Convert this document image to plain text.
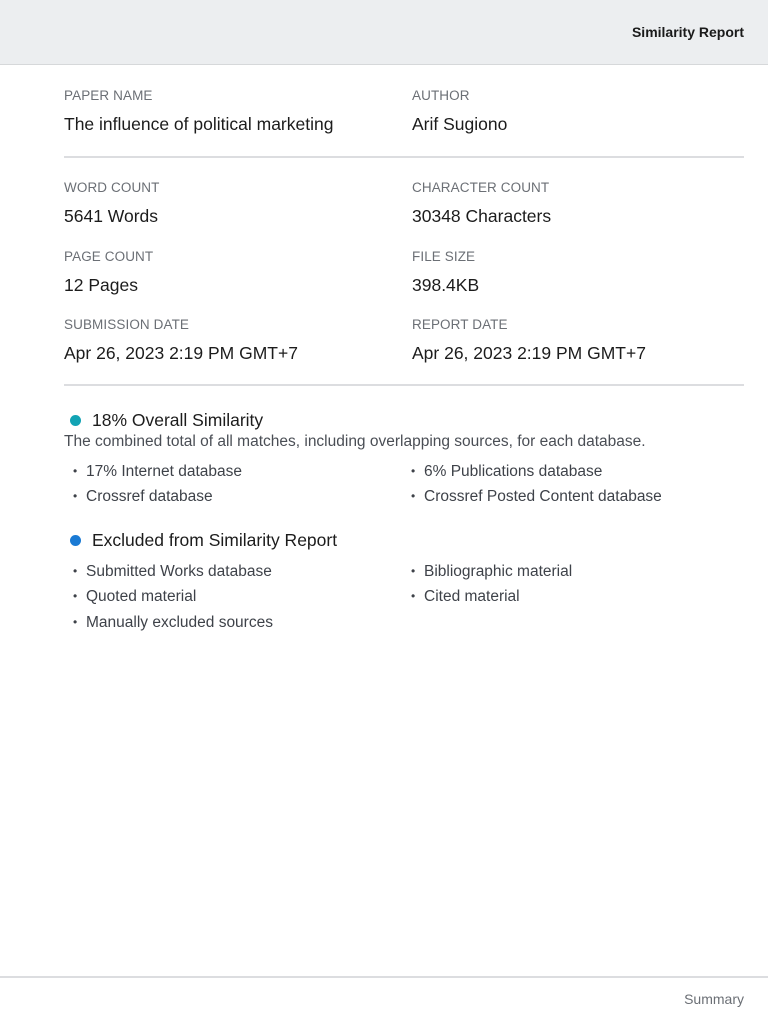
Similarity Report
PAPER NAME
The influence of political marketing
AUTHOR
Arif Sugiono
WORD COUNT
5641 Words
CHARACTER COUNT
30348 Characters
PAGE COUNT
12 Pages
FILE SIZE
398.4KB
SUBMISSION DATE
Apr 26, 2023 2:19 PM GMT+7
REPORT DATE
Apr 26, 2023 2:19 PM GMT+7
18% Overall Similarity
The combined total of all matches, including overlapping sources, for each database.
• 17% Internet database	• 6% Publications database
• Crossref database	• Crossref Posted Content database
Excluded from Similarity Report
• Submitted Works database	• Bibliographic material
• Quoted material	• Cited material
• Manually excluded sources
Summary
